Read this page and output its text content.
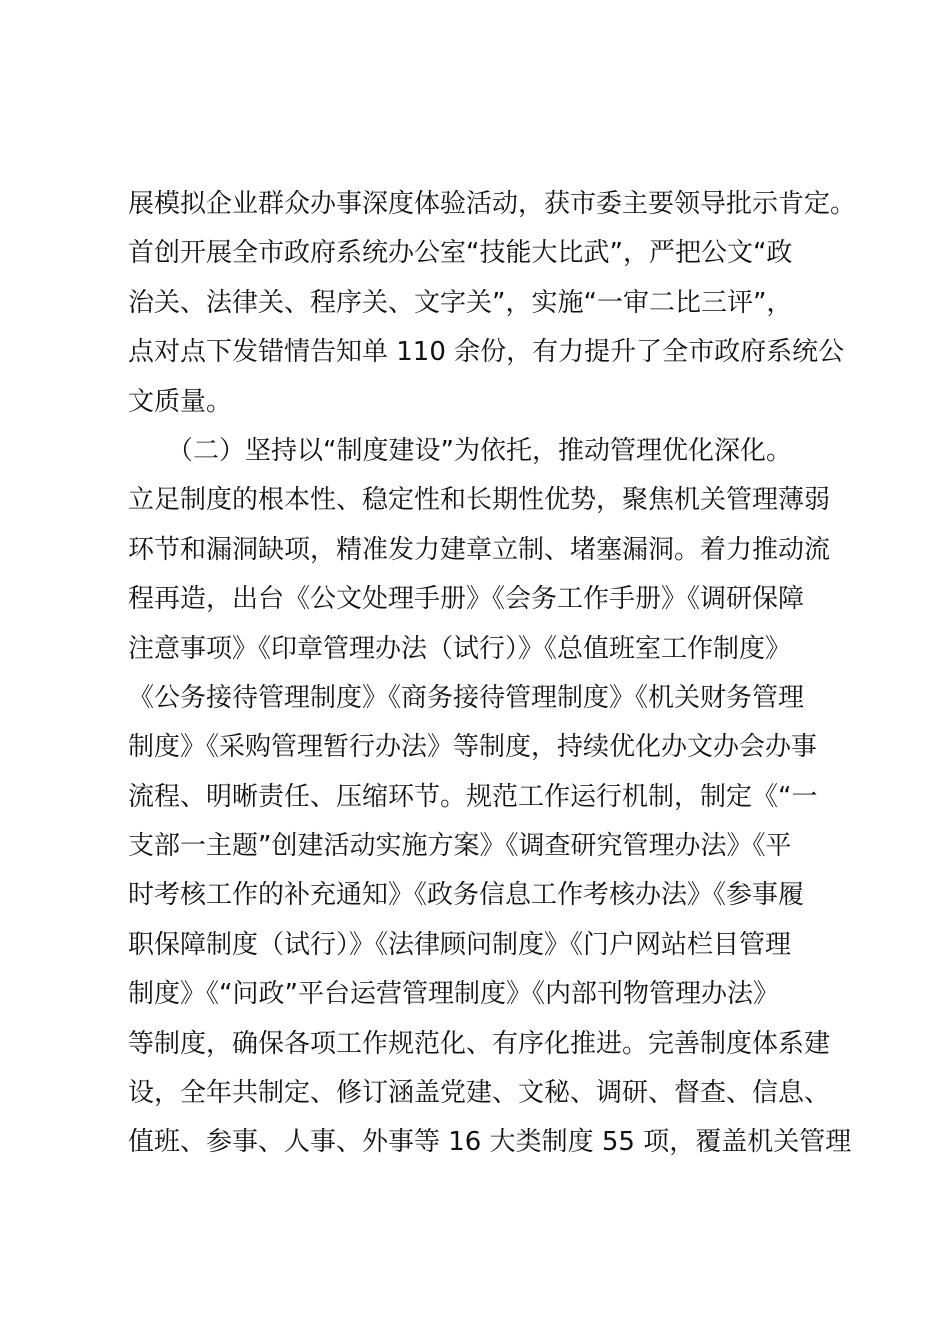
展模拟企业群众办事深度体验活动，获市委主要领导批示肯定。
首创开展全市政府系统办公室“技能大比武”，严把公文“政
治关、法律关、程序关、文字关”，实施“一审二比三评”，
点对点下发错情告知单 110 余份，有力提升了全市政府系统公
文质量。
　　（二）坚持以“制度建设”为依托，推动管理优化深化。
立足制度的根本性、稳定性和长期性优势，聚焦机关管理薄弱
环节和漏洞缺项，精准发力建章立制、堵塞漏洞。着力推动流
程再造，出台《公文处理手册》《会务工作手册》《调研保障
注意事项》《印章管理办法（试行）》《总值班室工作制度》
《公务接待管理制度》《商务接待管理制度》《机关财务管理
制度》《采购管理暂行办法》等制度，持续优化办文办会办事
流程、明晰责任、压缩环节。规范工作运行机制，制定《“一
支部一主题”创建活动实施方案》《调查研究管理办法》《平
时考核工作的补充通知》《政务信息工作考核办法》《参事履
职保障制度（试行）》《法律顾问制度》《门户网站栏目管理
制度》《“问政”平台运营管理制度》《内部刊物管理办法》
等制度，确保各项工作规范化、有序化推进。完善制度体系建
设，全年共制定、修订涵盖党建、文秘、调研、督查、信息、
值班、参事、人事、外事等 16 大类制度 55 项，覆盖机关管理
